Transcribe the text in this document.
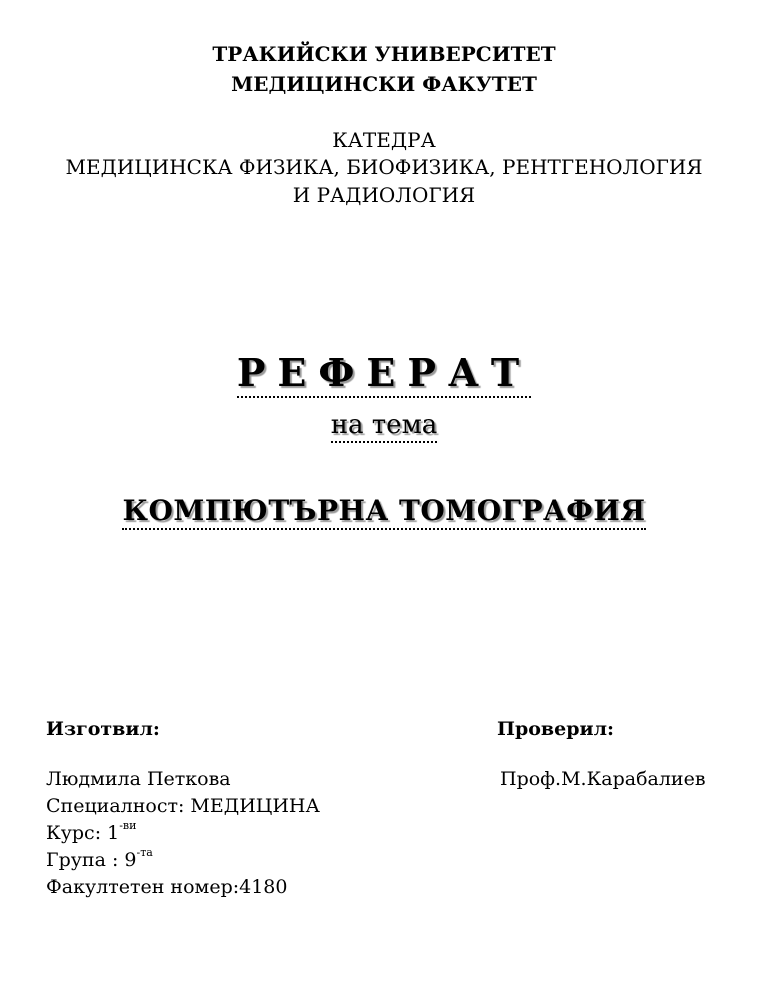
ТРАКИЙСКИ УНИВЕРСИТЕТ
МЕДИЦИНСКИ ФАКУТЕТ
КАТЕДРА
МЕДИЦИНСКА ФИЗИКА, БИОФИЗИКА, РЕНТГЕНОЛОГИЯ
И РАДИОЛОГИЯ
РЕФЕРАТ
на тема
КОМПЮТЪРНА ТОМОГРАФИЯ
Изготвил:	Проверил:
Людмила Петкова	Проф.М.Карабалиев
Специалност: МЕДИЦИНА
Курс: $1^{-ви}$
Група : $9^{-та}$
Факултетен номер:4180
